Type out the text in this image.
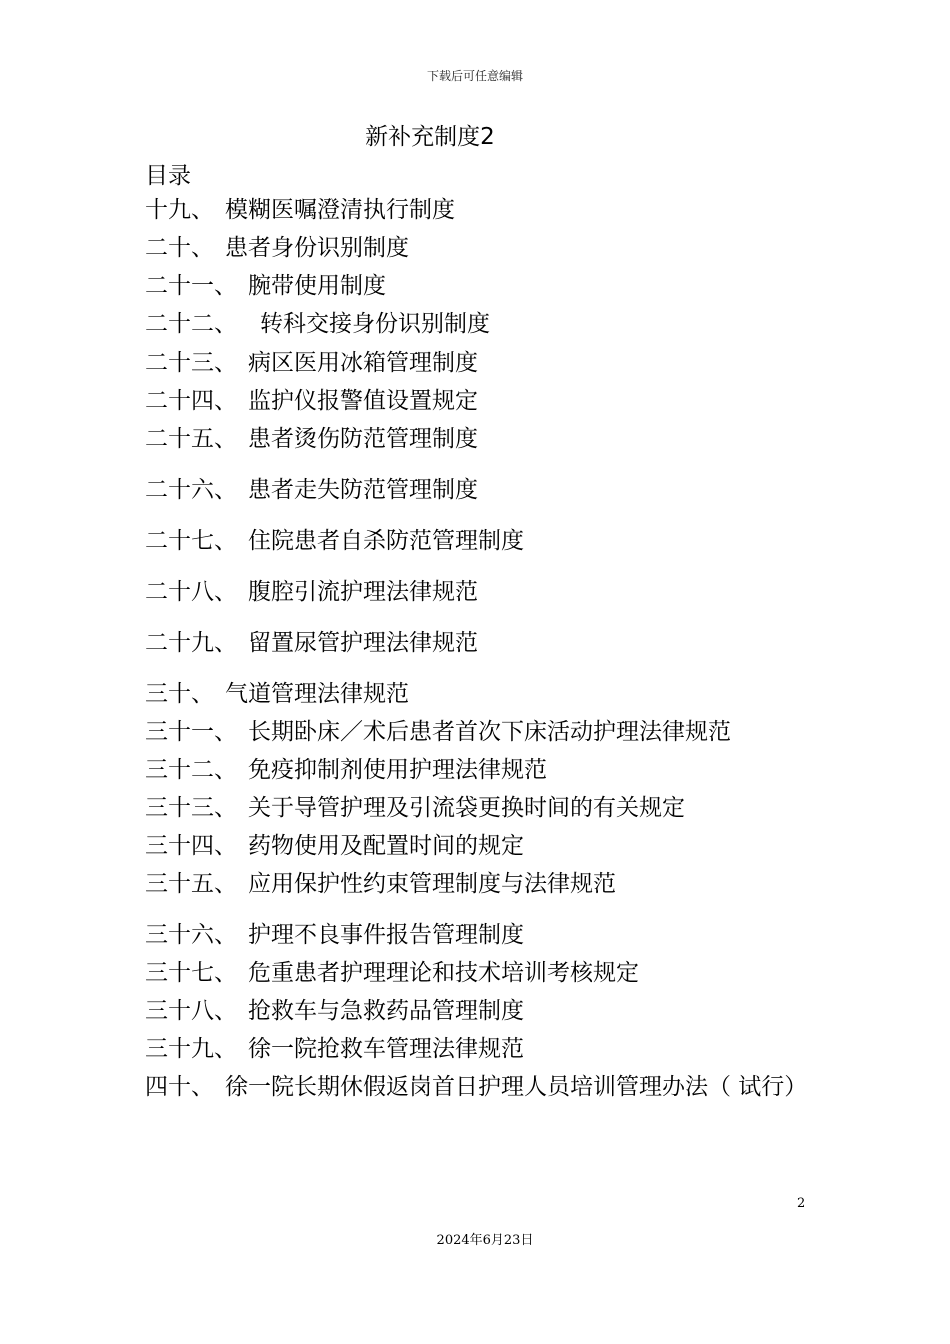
下载后可任意编辑
新补充制度2
目录
十九、 模糊医嘱澄清执行制度
二十、 患者身份识别制度
二十一、 腕带使用制度
二十二、 转科交接身份识别制度
二十三、 病区医用冰箱管理制度
二十四、 监护仪报警值设置规定
二十五、 患者烫伤防范管理制度
二十六、 患者走失防范管理制度
二十七、 住院患者自杀防范管理制度
二十八、 腹腔引流护理法律规范
二十九、 留置尿管护理法律规范
三十、 气道管理法律规范
三十一、 长期卧床／术后患者首次下床活动护理法律规范
三十二、 免疫抑制剂使用护理法律规范
三十三、 关于导管护理及引流袋更换时间的有关规定
三十四、 药物使用及配置时间的规定
三十五、 应用保护性约束管理制度与法律规范
三十六、 护理不良事件报告管理制度
三十七、 危重患者护理理论和技术培训考核规定
三十八、 抢救车与急救药品管理制度
三十九、 徐一院抢救车管理法律规范
四十、 徐一院长期休假返岗首日护理人员培训管理办法（ 试行）
2
2024年6月23日
